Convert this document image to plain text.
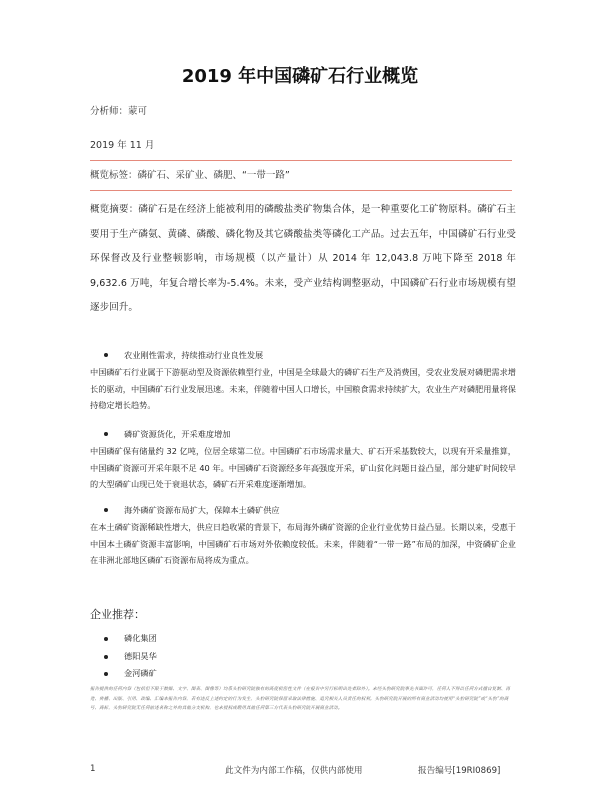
2019 年中国磷矿石行业概览
分析师：蒙可
2019 年 11 月
概览标签：磷矿石、采矿业、磷肥、“一带一路”

概览摘要：磷矿石是在经济上能被利用的磷酸盐类矿物集合体，是一种重要化工矿物原料。磷矿石主要用于生产磷氨、黄磷、磷酸、磷化物及其它磷酸盐类等磷化工产品。过去五年，中国磷矿石行业受环保督改及行业整顿影响，市场规模（以产量计）从 2014 年 12,043.8 万吨下降至 2018 年 9,632.6 万吨，年复合增长率为-5.4%。未来，受产业结构调整驱动，中国磷矿石行业市场规模有望逐步回升。

农业刚性需求，持续推动行业良性发展

中国磷矿石行业属于下游驱动型及资源依赖型行业，中国是全球最大的磷矿石生产及消费国，受农业发展对磷肥需求增长的驱动，中国磷矿石行业发展迅速。未来，伴随着中国人口增长，中国粮食需求持续扩大，农业生产对磷肥用量将保持稳定增长趋势。

磷矿资源货化，开采难度增加

中国磷矿保有储量约 32 亿吨，位居全球第二位。中国磷矿石市场需求量大、矿石开采基数较大，以现有开采量推算，中国磷矿资源可开采年限不足 40 年。中国磷矿石资源经多年高强度开采，矿山贫化问题日益凸显，部分建矿时间较早的大型磷矿山现已处于衰退状态，磷矿石开采难度逐渐增加。

海外磷矿资源布局扩大，保障本土磷矿供应

在本土磷矿资源稀缺性增大，供应日趋收紧的背景下，布局海外磷矿资源的企业行业优势日益凸显。长期以来，受惠于中国本土磷矿资源丰富影响，中国磷矿石市场对外依赖度较低。未来，伴随着“一带一路”布局的加深，中资磷矿企业在非洲北部地区磷矿石资源布局将成为重点。

企业推荐：
磷化集团
德阳昊华
金河磷矿

报告提供的任何内容（包括但不限于数据、文字、图表、图像等）均系头豹研究院独有的高度机密性文件（在报告中另行标明出处者除外）。未经头豹研究院事先书面许可，任何人不得以任何方式擅自复制、再造、传播、出版、引用、改编、汇编本报告内容，若有违反上述约定的行为发生，头豹研究院保留采取法律措施、追究相关人员责任的权利。头豹研究院开展的所有商业活动均使用“头豹研究院”或“头豹”的商号、商标，头豹研究院无任何前述名称之外的其他分支机构，也未授权或聘用其他任何第三方代表头豹研究院开展商业活动。

1	此文件为内部工作稿，仅供内部使用	报告编号[19RI0869]
